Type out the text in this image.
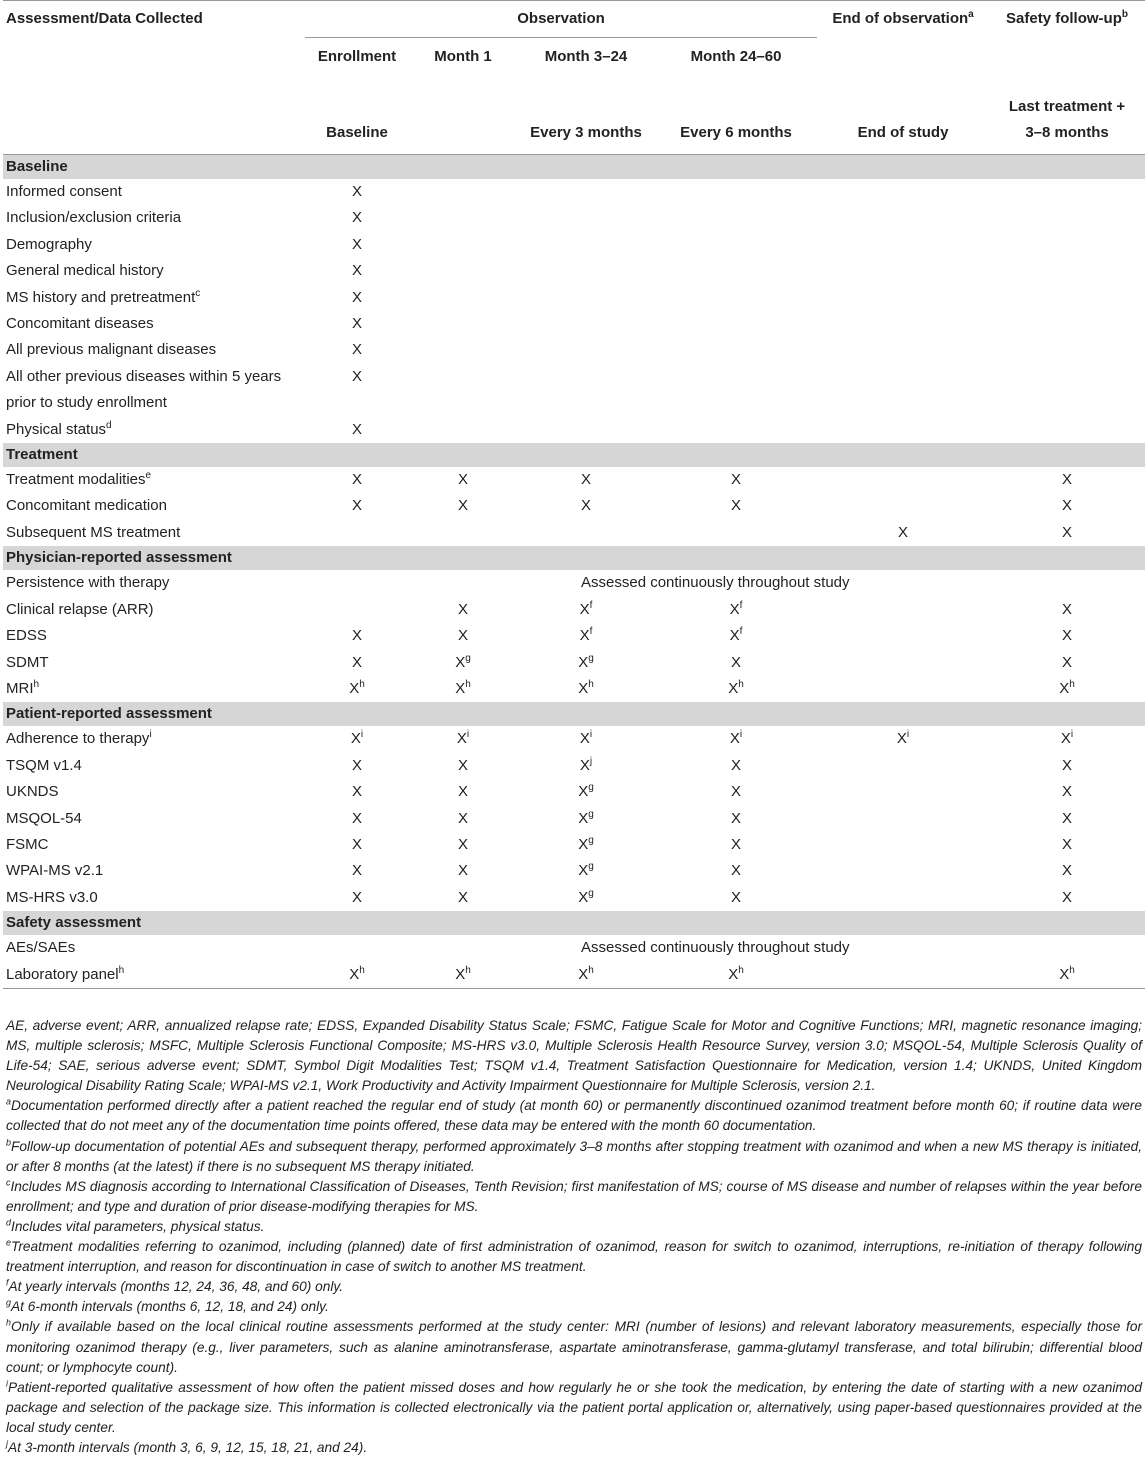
Assessment/Data Collected	Observation				End of observation$^a$	Safety follow-$up^b$
	Enrollment	Month 1	Month 3–24	Month 24–60		
	Baseline		Every 3 months	Every 6 months	End of study	Last treatment +
3–8 months
Baseline						
Informed consent	X					
Inclusion/exclusion criteria	X					
Demography	X					
General medical history	X					
MS history and pretreatment$^c$	X					
Concomitant diseases	X					
All previous malignant diseases	X					
All other previous diseases within 5 years	X					
prior to study enrollment						
Physical status$^d$	X					
Treatment						
Treatment modalities$^e$	X	X	X	X		X
Concomitant medication	X	X	X	X		X
Subsequent MS treatment					X	X
Physician-reported assessment						
Persistence with therapy			Assessed continuously throughout study			
Clinical relapse (ARR)		X	$X^f$	$X^f$		X
EDSS	X	X	$X^f$	$X^f$		X
SDMT	X	$X^g$	$X^g$	X		X
MRI$^h$	$X^h$	$X^h$	$X^h$	$X^h$		$X^h$
Patient-reported assessment						
Adherence to therapy$^i$	$X^i$	$X^i$	$X^i$	$X^i$	$X^i$	$X^i$
TSQM v1.4	X	X	$X^j$	X		X
UKNDS	X	X	$X^g$	X		X
MSQOL-54	X	X	$X^g$	X		X
FSMC	X	X	$X^g$	X		X
WPAI-MS v2.1	X	X	$X^g$	X		X
MS-HRS v3.0	X	X	$X^g$	X		X
Safety assessment						
AEs/SAEs			Assessed continuously throughout study			
Laboratory panel$^h$	$X^h$	$X^h$	$X^h$	$X^h$		$X^h$

AE, adverse event; ARR, annualized relapse rate; EDSS, Expanded Disability Status Scale; FSMC, Fatigue Scale for Motor and Cognitive Functions; MRI, magnetic resonance imaging; MS, multiple sclerosis; MSFC, Multiple Sclerosis Functional Composite; MS-HRS v3.0, Multiple Sclerosis Health Resource Survey, version 3.0; MSQOL-54, Multiple Sclerosis Quality of Life-54; SAE, serious adverse event; SDMT, Symbol Digit Modalities Test; TSQM v1.4, Treatment Satisfaction Questionnaire for Medication, version 1.4; UKNDS, United Kingdom Neurological Disability Rating Scale; WPAI-MS v2.1, Work Productivity and Activity Impairment Questionnaire for Multiple Sclerosis, version 2.1.

$^a$Documentation performed directly after a patient reached the regular end of study (at month 60) or permanently discontinued ozanimod treatment before month 60; if routine data were collected that do not meet any of the documentation time points offered, these data may be entered with the month 60 documentation.

$^b$Follow-up documentation of potential AEs and subsequent therapy, performed approximately 3–8 months after stopping treatment with ozanimod and when a new MS therapy is initiated, or after 8 months (at the latest) if there is no subsequent MS therapy initiated.

$^c$Includes MS diagnosis according to International Classification of Diseases, Tenth Revision; first manifestation of MS; course of MS disease and number of relapses within the year before enrollment; and type and duration of prior disease-modifying therapies for MS.

$^d$Includes vital parameters, physical status.

$^e$Treatment modalities referring to ozanimod, including (planned) date of first administration of ozanimod, reason for switch to ozanimod, interruptions, re-initiation of therapy following treatment interruption, and reason for discontinuation in case of switch to another MS treatment.

$^f$At yearly intervals (months 12, 24, 36, 48, and 60) only.

$^g$At 6-month intervals (months 6, 12, 18, and 24) only.

$^h$Only if available based on the local clinical routine assessments performed at the study center: MRI (number of lesions) and relevant laboratory measurements, especially those for monitoring ozanimod therapy (e.g., liver parameters, such as alanine aminotransferase, aspartate aminotransferase, gamma-glutamyl transferase, and total bilirubin; differential blood count; or lymphocyte count).

$^i$Patient-reported qualitative assessment of how often the patient missed doses and how regularly he or she took the medication, by entering the date of starting with a new ozanimod package and selection of the package size. This information is collected electronically via the patient portal application or, alternatively, using paper-based questionnaires provided at the local study center.

$^j$At 3-month intervals (month 3, 6, 9, 12, 15, 18, 21, and 24).
